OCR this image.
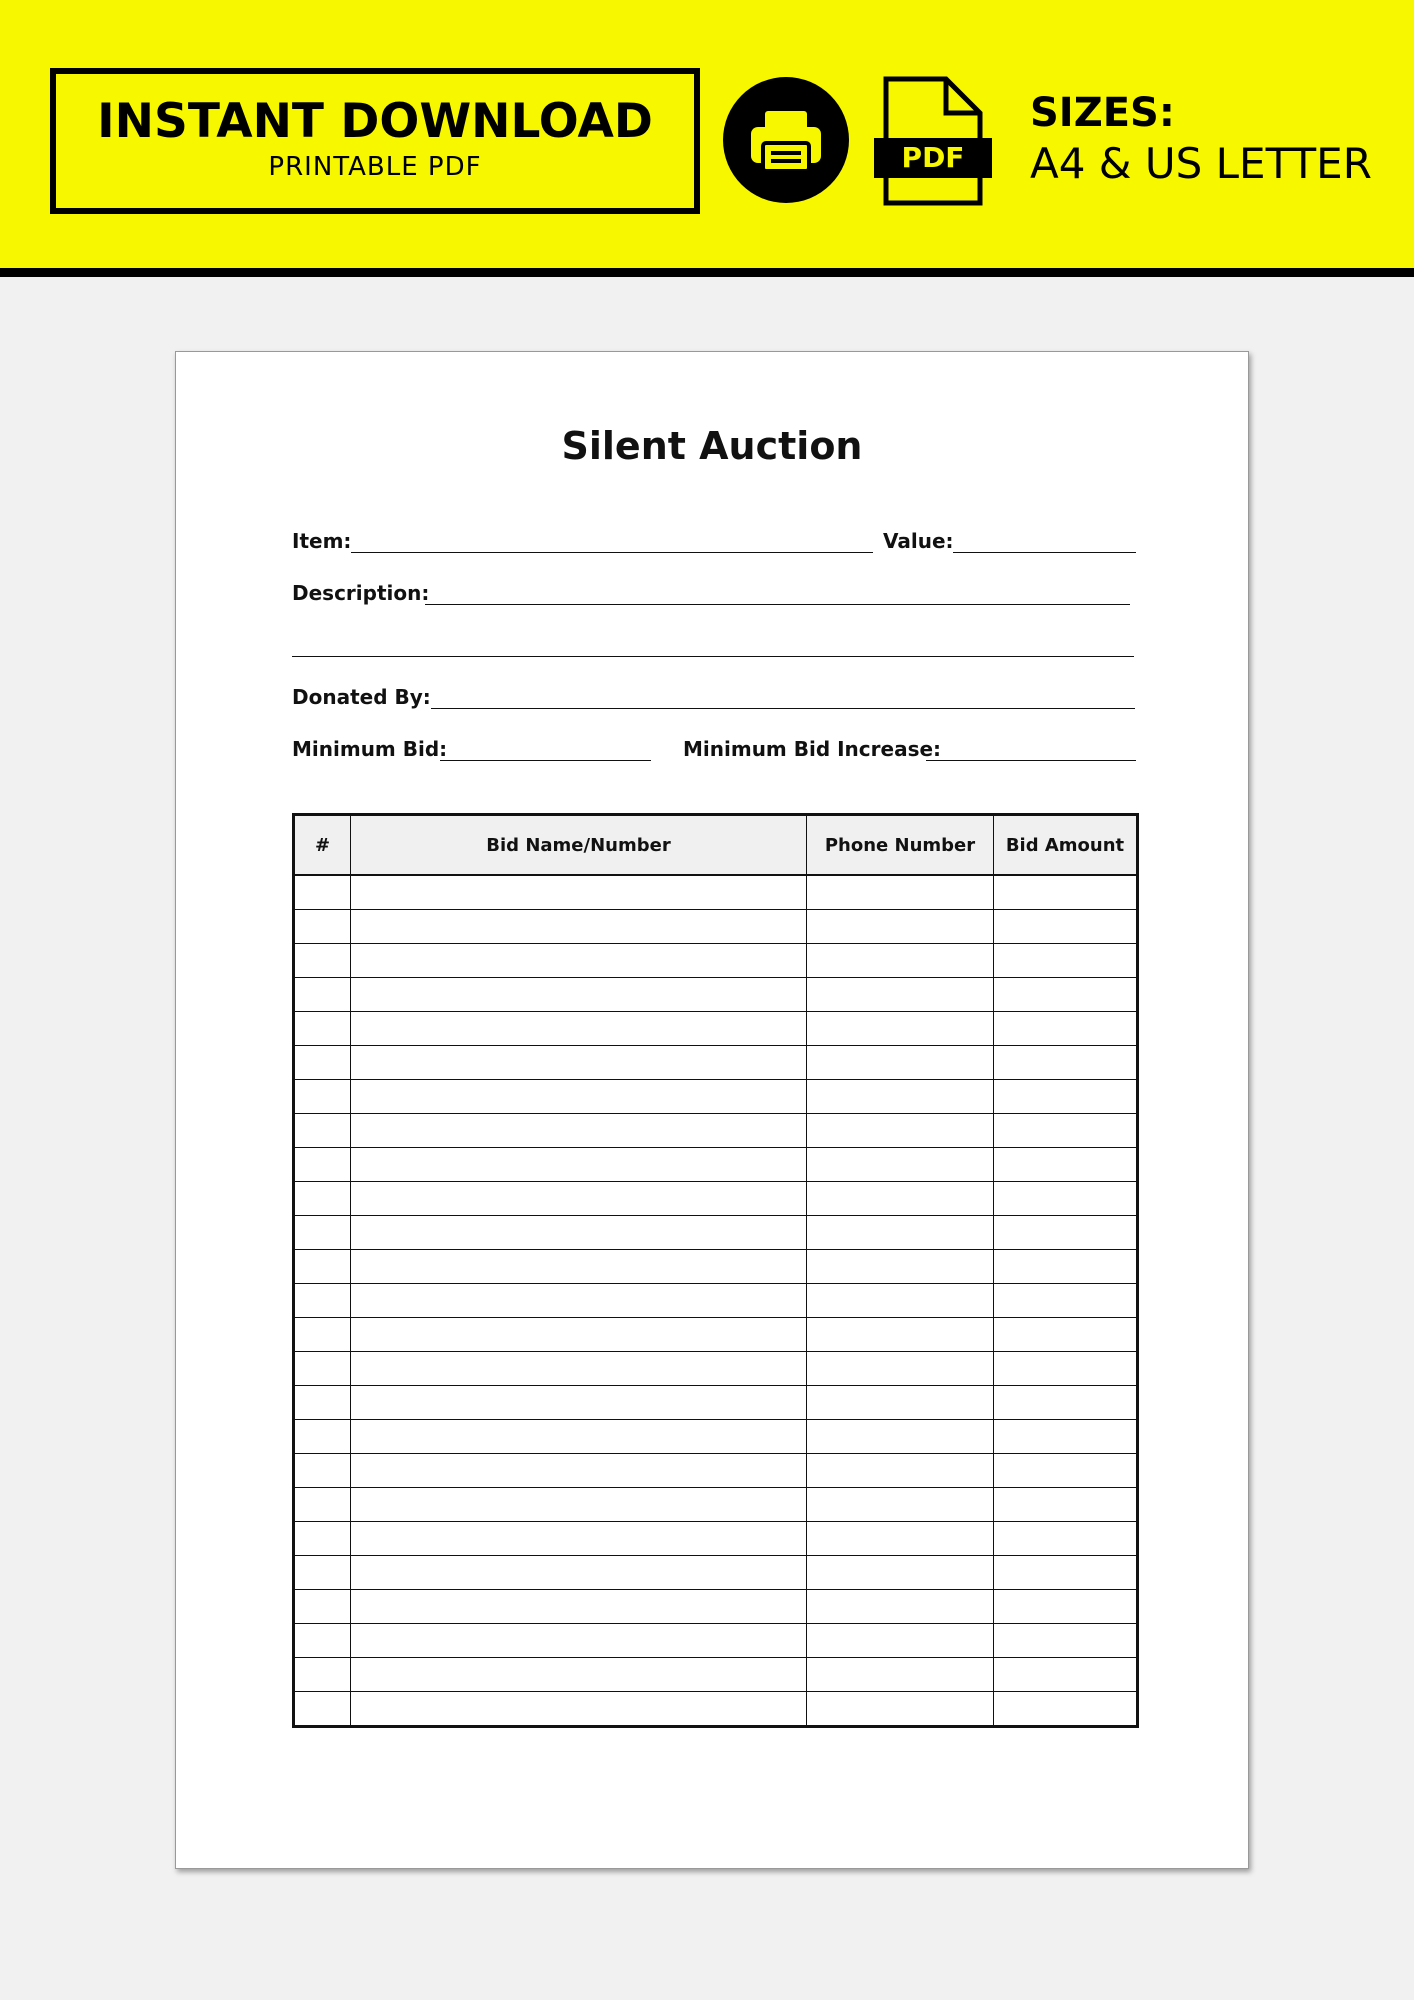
INSTANT DOWNLOAD
PRINTABLE PDF	PDF
SIZES:
A4 & US LETTER
Silent Auction
Item:	Value:
Description:
Donated By:
Minimum Bid:	Minimum Bid Increase:
#	Bid Name/Number	Phone Number	Bid Amount
